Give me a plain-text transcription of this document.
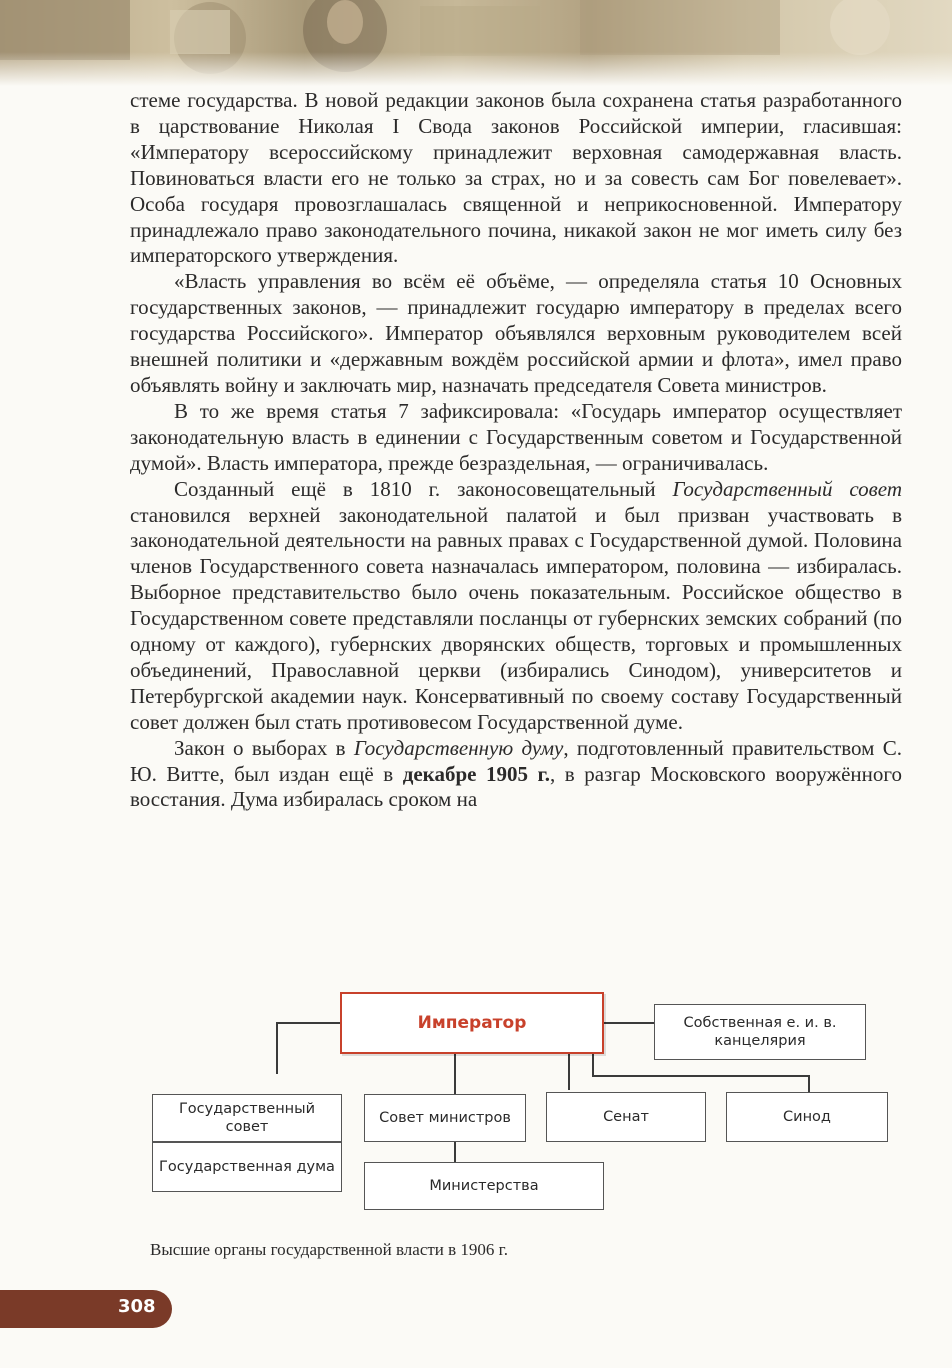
стеме государства. В новой редакции законов была сохранена статья разработанного в царствование Николая I Свода законов Российской империи, гласившая: «Императору всероссийскому принадлежит верховная самодержавная власть. Повиноваться власти его не только за страх, но и за совесть сам Бог повелевает». Особа государя провозглашалась священной и неприкосновенной. Императору принадлежало право законодательного почина, никакой закон не мог иметь силу без императорского утверждения.

«Власть управления во всём её объёме, — определяла статья 10 Основных государственных законов, — принадлежит государю императору в пределах всего государства Российского». Император объявлялся верховным руководителем всей внешней политики и «державным вождём российской армии и флота», имел право объявлять войну и заключать мир, назначать председателя Совета министров.

В то же время статья 7 зафиксировала: «Государь император осуществляет законодательную власть в единении с Государственным советом и Государственной думой». Власть императора, прежде безраздельная, — ограничивалась.

Созданный ещё в 1810 г. законосовещательный Государственный совет становился верхней законодательной палатой и был призван участвовать в законодательной деятельности на равных правах с Государственной думой. Половина членов Государственного совета назначалась императором, половина — избиралась. Выборное представительство было очень показательным. Российское общество в Государственном совете представляли посланцы от губернских земских собраний (по одному от каждого), губернских дворянских обществ, торговых и промышленных объединений, Православной церкви (избирались Синодом), университетов и Петербургской академии наук. Консервативный по своему составу Государственный совет должен был стать противовесом Государственной думе.

Закон о выборах в Государственную думу, подготовленный правительством С. Ю. Витте, был издан ещё в декабре 1905 г., в разгар Московского вооружённого восстания. Дума избиралась сроком на

Император	Собственная е. и. в. канцелярия
Государственный совет
Государственная дума
Совет министров
Министерства
Сенат	Синод
Высшие органы государственной власти в 1906 г.
308
